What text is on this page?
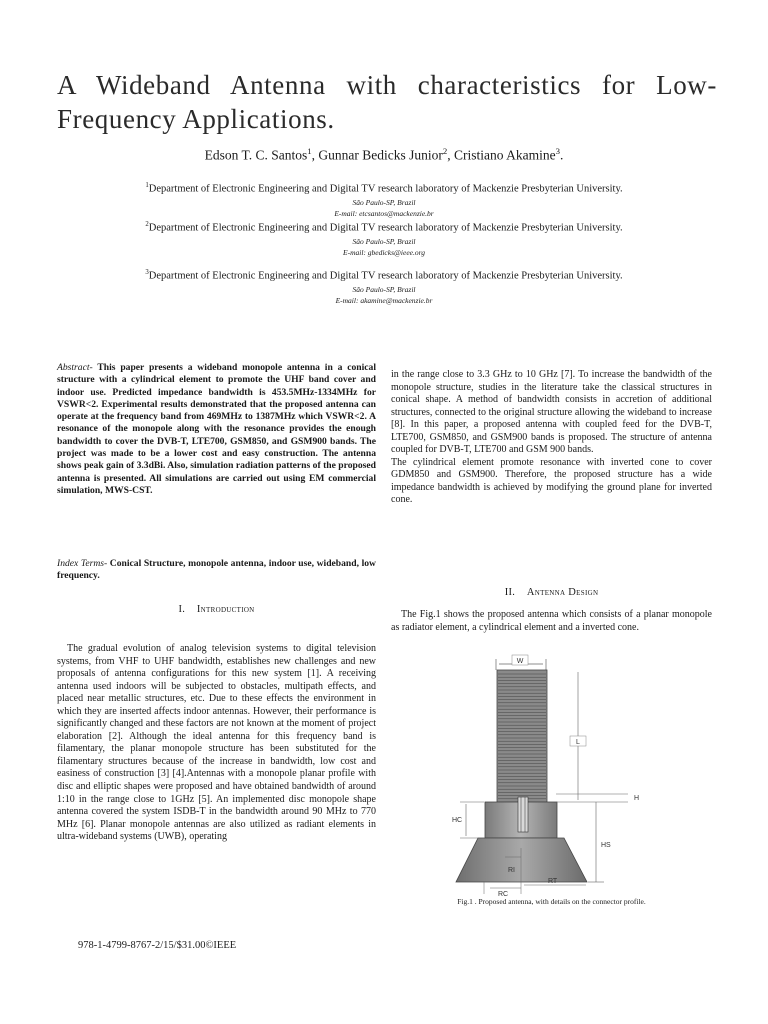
A Wideband Antenna with characteristics for Low-
Frequency Applications.
Edson T. C. Santos$^1$, Gunnar Bedicks Junior$^2$, Cristiano Akamine$^3$.
$^1$Department of Electronic Engineering and Digital TV research laboratory of Mackenzie Presbyterian University.
São Paulo-SP, Brazil
E-mail: etcsantos@mackenzie.br
$^2$Department of Electronic Engineering and Digital TV research laboratory of Mackenzie Presbyterian University.
São Paulo-SP, Brazil
E-mail: gbedicks@ieee.org
$^3$Department of Electronic Engineering and Digital TV research laboratory of Mackenzie Presbyterian University.
São Paulo-SP, Brazil
E-mail: akamine@mackenzie.br
Abstract- This paper presents a wideband monopole antenna in a conical structure with a cylindrical element to promote the UHF band cover and indoor use. Predicted impedance bandwidth is 453.5MHz-1334MHz for VSWR<2. Experimental results demonstrated that the proposed antenna can operate at the frequency band from 469MHz to 1387MHz which VSWR<2. A resonance of the monopole along with the resonance provides the enough bandwidth to cover the DVB-T, LTE700, GSM850, and GSM900 bands. The project was made to be a lower cost and easy construction. The antenna shows peak gain of 3.3dBi. Also, simulation radiation patterns of the proposed antenna is presented. All simulations are carried out using EM commercial simulation, MWS-CST.
Index Terms- Conical Structure, monopole antenna, indoor use, wideband, low frequency.
I. Introduction
The gradual evolution of analog television systems to digital television systems, from VHF to UHF bandwidth, establishes new challenges and new proposals of antenna configurations for this new system [1]. A receiving antenna used indoors will be subjected to obstacles, multipath effects, and placed near metallic structures, etc. Due to these effects the environment in which they are inserted affects indoor antennas. However, their performance is significantly changed and these factors are not known at the moment of project elaboration [2]. Although the ideal antenna for this frequency band is filamentary, the planar monopole structure has been substituted for the filamentary structures because of the increase in bandwidth, low cost and easiness of construction [3] [4].Antennas with a monopole planar profile with disc and elliptic shapes were proposed and have obtained bandwidth of around 1:10 in the range close to 1GHz [5]. An implemented disc monopole shape antenna covered the system ISDB-T in the bandwidth around 90 MHz to 770 MHz [6]. Planar monopole antennas are also utilized as radiant elements in ultra-wideband systems (UWB), operating

in the range close to 3.3 GHz to 10 GHz [7]. To increase the bandwidth of the monopole structure, studies in the literature take the classical structures in conical shape. A method of bandwidth consists in accretion of additional structures, connected to the original structure allowing the wideband to increase [8]. In this paper, a proposed antenna with coupled feed for the DVB-T, LTE700, GSM850, and GSM900 bands is proposed. The structure of antenna coupled for DVB-T, LTE700 and GSM 900 bands.

The cylindrical element promote resonance with inverted cone to cover GDM850 and GSM900. Therefore, the proposed structure has a wide impedance bandwidth is achieved by modifying the ground plane for inverted cone.

II. Antenna Design
The Fig.1 shows the proposed antenna which consists of a planar monopole as radiator element, a cylindrical element and a inverted cone.
W
L
H
HC
HS
RI
RC
RT
Fig.1 . Proposed antenna, with details on the connector profile.
978-1-4799-8767-2/15/$31.00©IEEE
